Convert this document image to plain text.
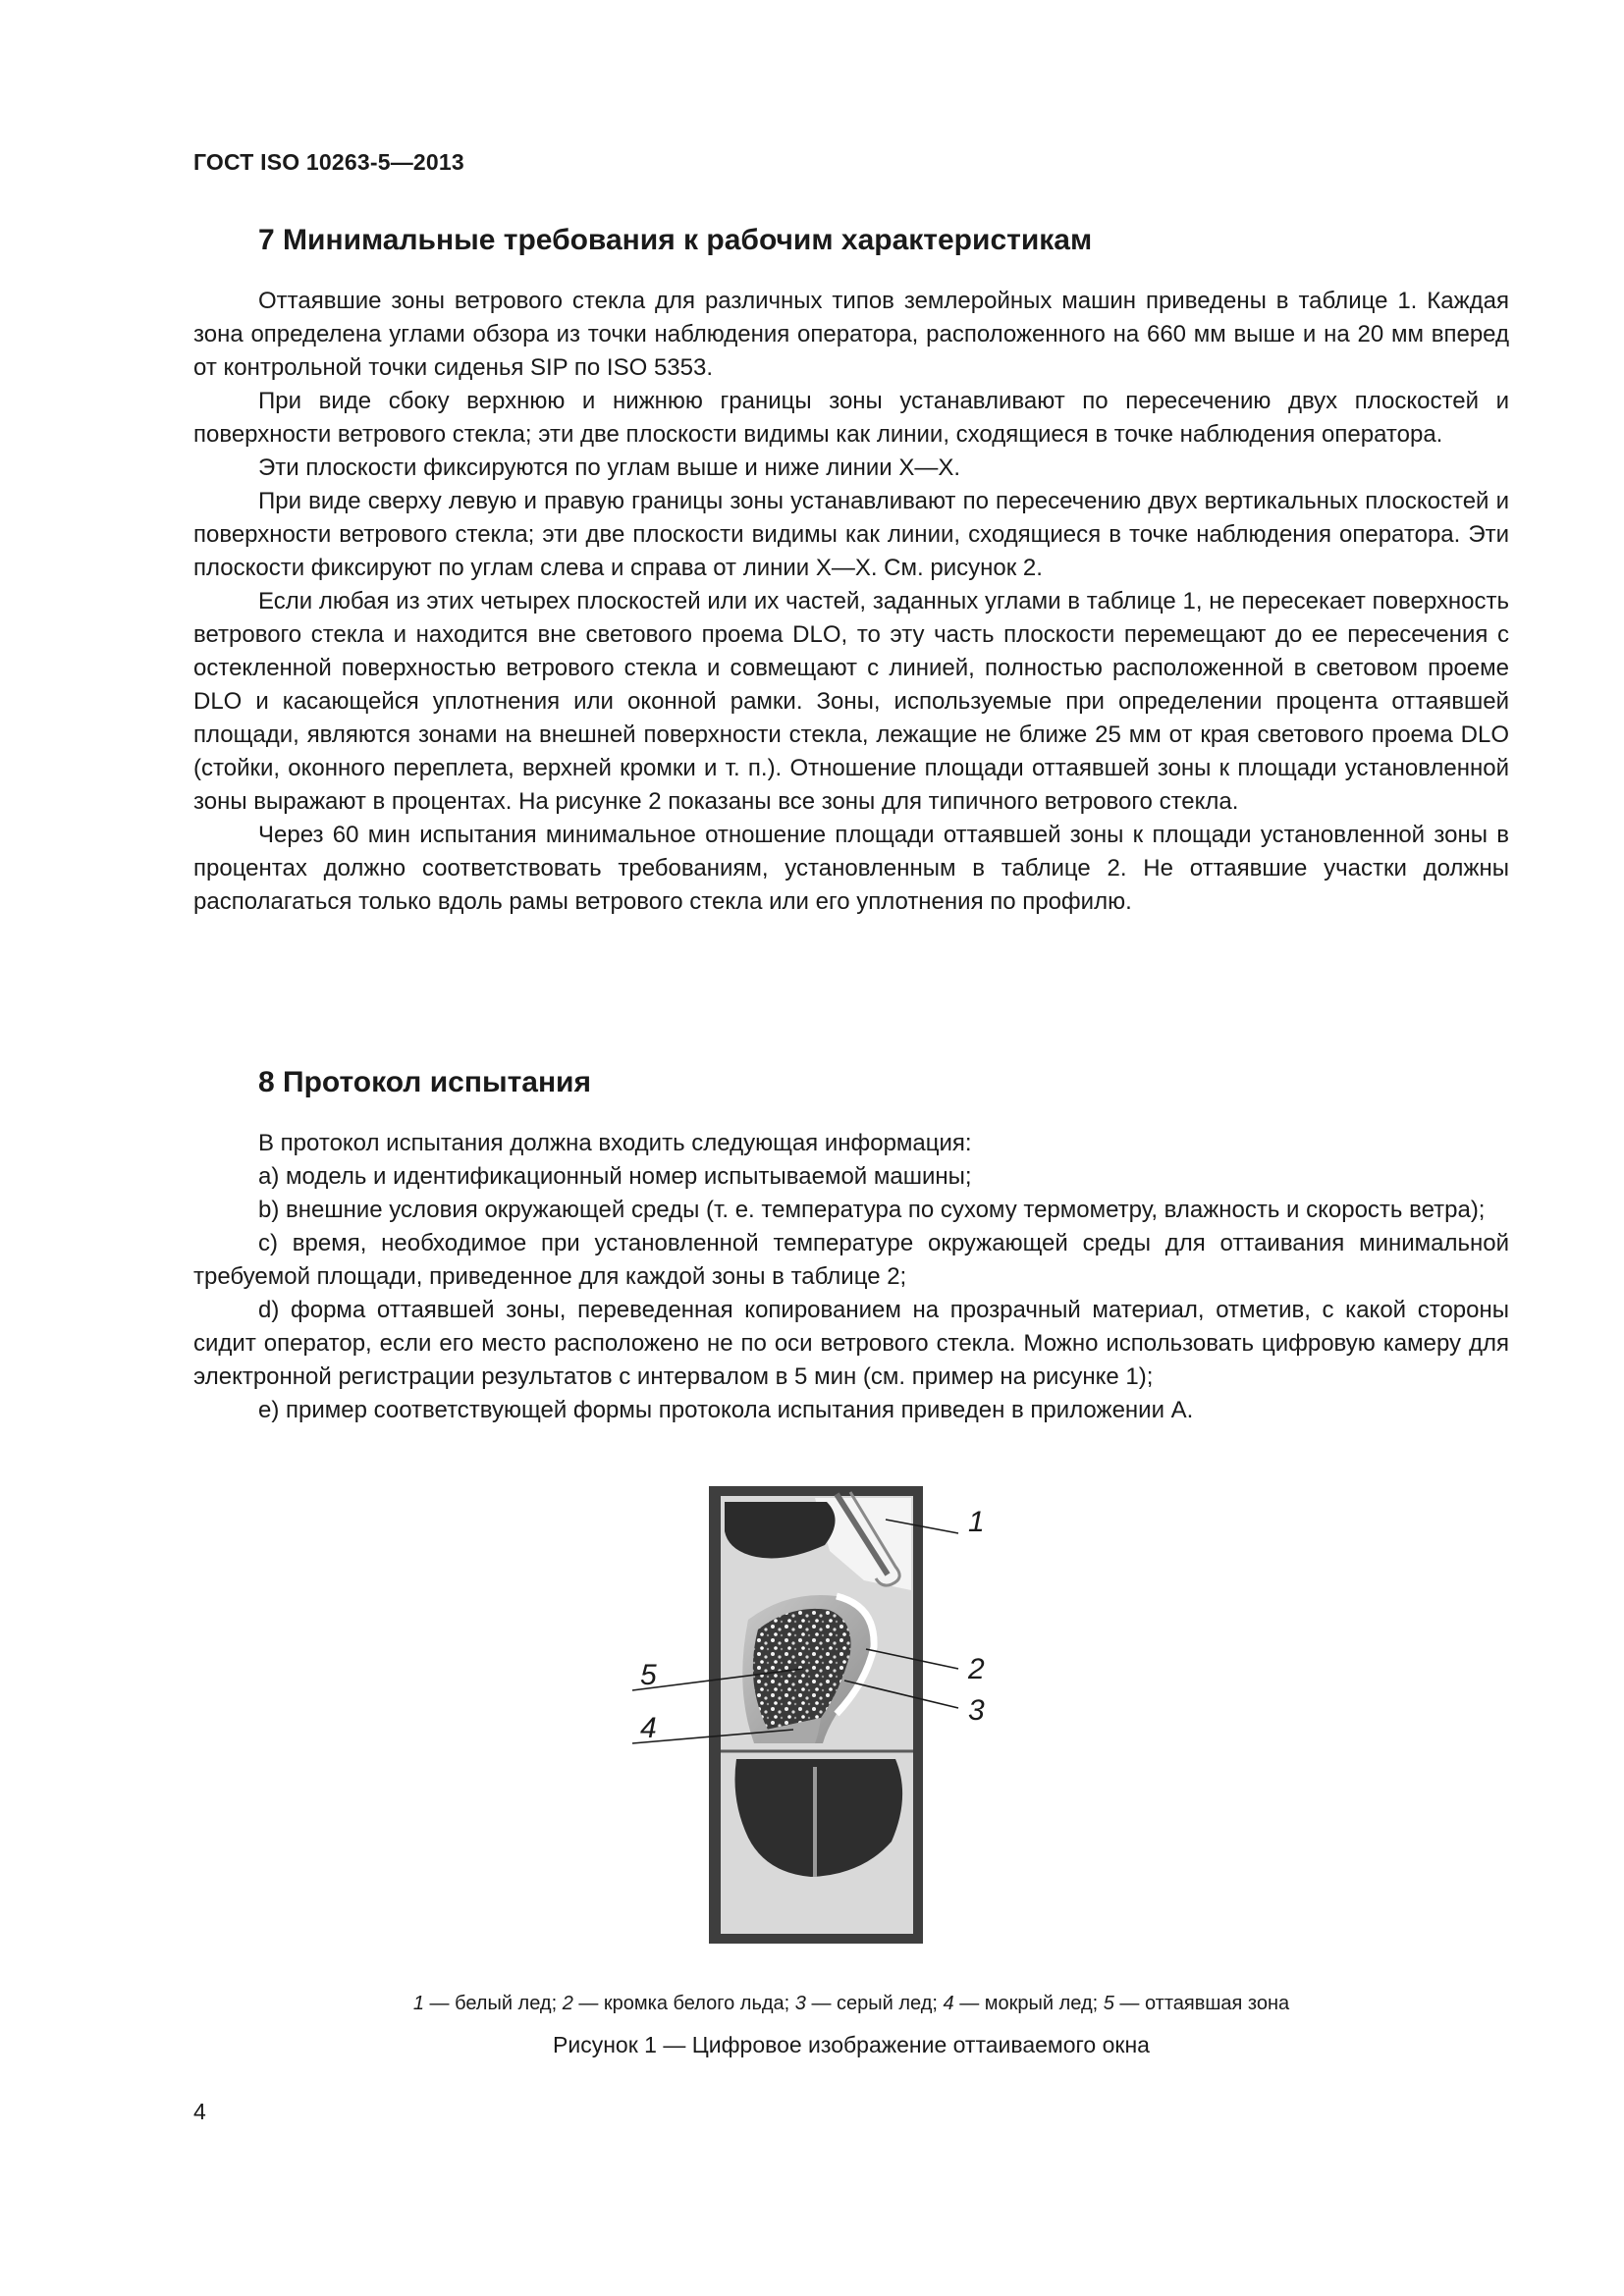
ГОСТ ISO 10263-5—2013
7 Минимальные требования к рабочим характеристикам

Оттаявшие зоны ветрового стекла для различных типов землеройных машин приведены в таблице 1. Каждая зона определена углами обзора из точки наблюдения оператора, расположенного на 660 мм выше и на 20 мм вперед от контрольной точки сиденья SIP по ISO 5353.

При виде сбоку верхнюю и нижнюю границы зоны устанавливают по пересечению двух плоскостей и поверхности ветрового стекла; эти две плоскости видимы как линии, сходящиеся в точке наблюдения оператора.

Эти плоскости фиксируются по углам выше и ниже линии Х—Х.

При виде сверху левую и правую границы зоны устанавливают по пересечению двух вертикальных плоскостей и поверхности ветрового стекла; эти две плоскости видимы как линии, сходящиеся в точке наблюдения оператора. Эти плоскости фиксируют по углам слева и справа от линии Х—Х. См. рисунок 2.

Если любая из этих четырех плоскостей или их частей, заданных углами в таблице 1, не пересекает поверхность ветрового стекла и находится вне светового проема DLO, то эту часть плоскости перемещают до ее пересечения с остекленной поверхностью ветрового стекла и совмещают с линией, полностью расположенной в световом проеме DLO и касающейся уплотнения или оконной рамки. Зоны, используемые при определении процента оттаявшей площади, являются зонами на внешней поверхности стекла, лежащие не ближе 25 мм от края светового проема DLO (стойки, оконного переплета, верхней кромки и т. п.). Отношение площади оттаявшей зоны к площади установленной зоны выражают в процентах. На рисунке 2 показаны все зоны для типичного ветрового стекла.

Через 60 мин испытания минимальное отношение площади оттаявшей зоны к площади установленной зоны в процентах должно соответствовать требованиям, установленным в таблице 2. Не оттаявшие участки должны располагаться только вдоль рамы ветрового стекла или его уплотнения по профилю.

8 Протокол испытания

В протокол испытания должна входить следующая информация:

а) модель и идентификационный номер испытываемой машины;

b) внешние условия окружающей среды (т. е. температура по сухому термометру, влажность и скорость ветра);

с) время, необходимое при установленной температуре окружающей среды для оттаивания минимальной требуемой площади, приведенное для каждой зоны в таблице 2;

d) форма оттаявшей зоны, переведенная копированием на прозрачный материал, отметив, с какой стороны сидит оператор, если его место расположено не по оси ветрового стекла. Можно использовать цифровую камеру для электронной регистрации результатов с интервалом в 5 мин (см. пример на рисунке 1);

е) пример соответствующей формы протокола испытания приведен в приложении А.

1
2
3
4
5
1 — белый лед; 2 — кромка белого льда; 3 — серый лед; 4 — мокрый лед; 5 — оттаявшая зона
Рисунок 1 — Цифровое изображение оттаиваемого окна
4
